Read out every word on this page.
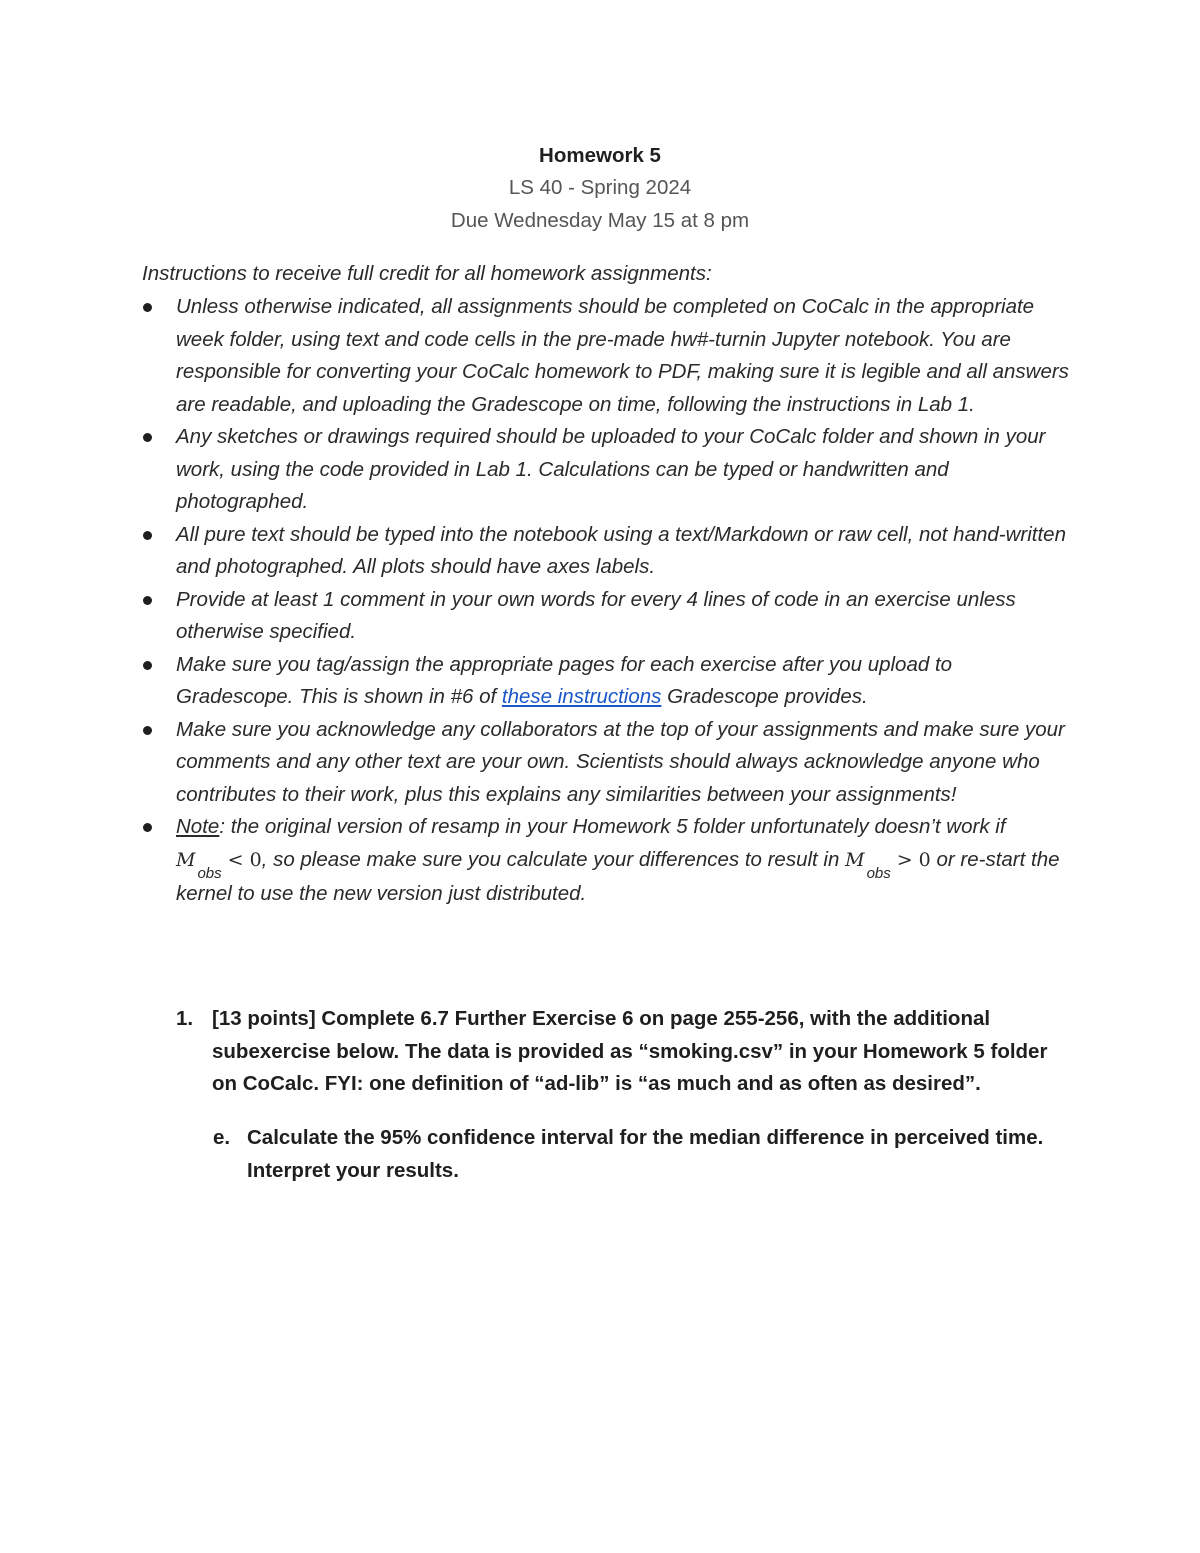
Homework 5
LS 40 - Spring 2024
Due Wednesday May 15 at 8 pm
Instructions to receive full credit for all homework assignments:
Unless otherwise indicated, all assignments should be completed on CoCalc in the appropriate week folder, using text and code cells in the pre-made hw#-turnin Jupyter notebook. You are responsible for converting your CoCalc homework to PDF, making sure it is legible and all answers are readable, and uploading the Gradescope on time, following the instructions in Lab 1.
Any sketches or drawings required should be uploaded to your CoCalc folder and shown in your work, using the code provided in Lab 1. Calculations can be typed or handwritten and photographed.
All pure text should be typed into the notebook using a text/Markdown or raw cell, not hand-written and photographed. All plots should have axes labels.
Provide at least 1 comment in your own words for every 4 lines of code in an exercise unless otherwise specified.
Make sure you tag/assign the appropriate pages for each exercise after you upload to Gradescope. This is shown in #6 of these instructions Gradescope provides.
Make sure you acknowledge any collaborators at the top of your assignments and make sure your comments and any other text are your own. Scientists should always acknowledge anyone who contributes to their work, plus this explains any similarities between your assignments!
Note: the original version of resamp in your Homework 5 folder unfortunately doesn’t work if $M_{obs}< 0$, so please make sure you calculate your differences to result in $M_{obs}> 0$ or re-start the kernel to use the new version just distributed.
1. [13 points] Complete 6.7 Further Exercise 6 on page 255-256, with the additional subexercise below. The data is provided as “smoking.csv” in your Homework 5 folder on CoCalc. FYI: one definition of “ad-lib” is “as much and as often as desired”.
e. Calculate the 95% confidence interval for the median difference in perceived time. Interpret your results.
